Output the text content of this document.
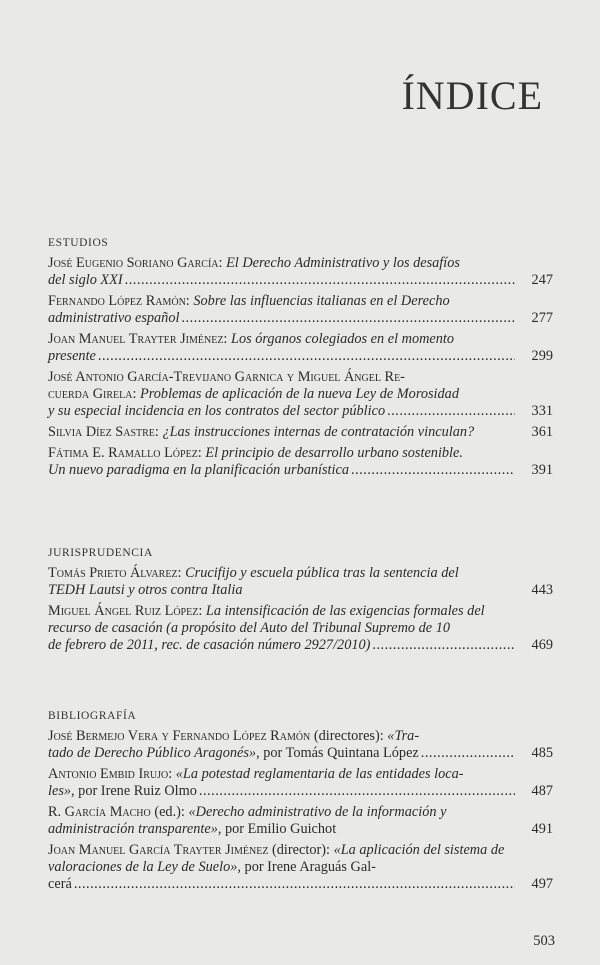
ÍNDICE
ESTUDIOS
José Eugenio Soriano García: El Derecho Administrativo y los desafíos
del siglo XXI .....	247
Fernando López Ramón: Sobre las influencias italianas en el Derecho
administrativo español .....	277
Joan Manuel Trayter Jiménez: Los órganos colegiados en el momento
presente .....	299
José Antonio García-Trevijano Garnica y Miguel Ángel Re-
cuerda Girela: Problemas de aplicación de la nueva Ley de Morosidad
y su especial incidencia en los contratos del sector público .....	331
Silvia Díez Sastre: ¿Las instrucciones internas de contratación vinculan?	361
Fátima E. Ramallo López: El principio de desarrollo urbano sostenible.
Un nuevo paradigma en la planificación urbanística .....	391
JURISPRUDENCIA
Tomás Prieto Álvarez: Crucifijo y escuela pública tras la sentencia del
TEDH Lautsi y otros contra Italia	443
Miguel Ángel Ruiz López: La intensificación de las exigencias formales del recurso de casación (a propósito del Auto del Tribunal Supremo de 10
de febrero de 2011, rec. de casación número 2927/2010) .....	469
BIBLIOGRAFÍA
José Bermejo Vera y Fernando López Ramón (directores): «Tra-
tado de Derecho Público Aragonés», por Tomás Quintana López .....	485
Antonio Embid Irujo: «La potestad reglamentaria de las entidades loca-
les», por Irene Ruiz Olmo .....	487
R. García Macho (ed.): «Derecho administrativo de la información y
administración transparente», por Emilio Guichot	491
Joan Manuel García Trayter Jiménez (director): «La aplicación del sistema de valoraciones de la Ley de Suelo», por Irene Araguás Gal-
cerá .....	497
503
